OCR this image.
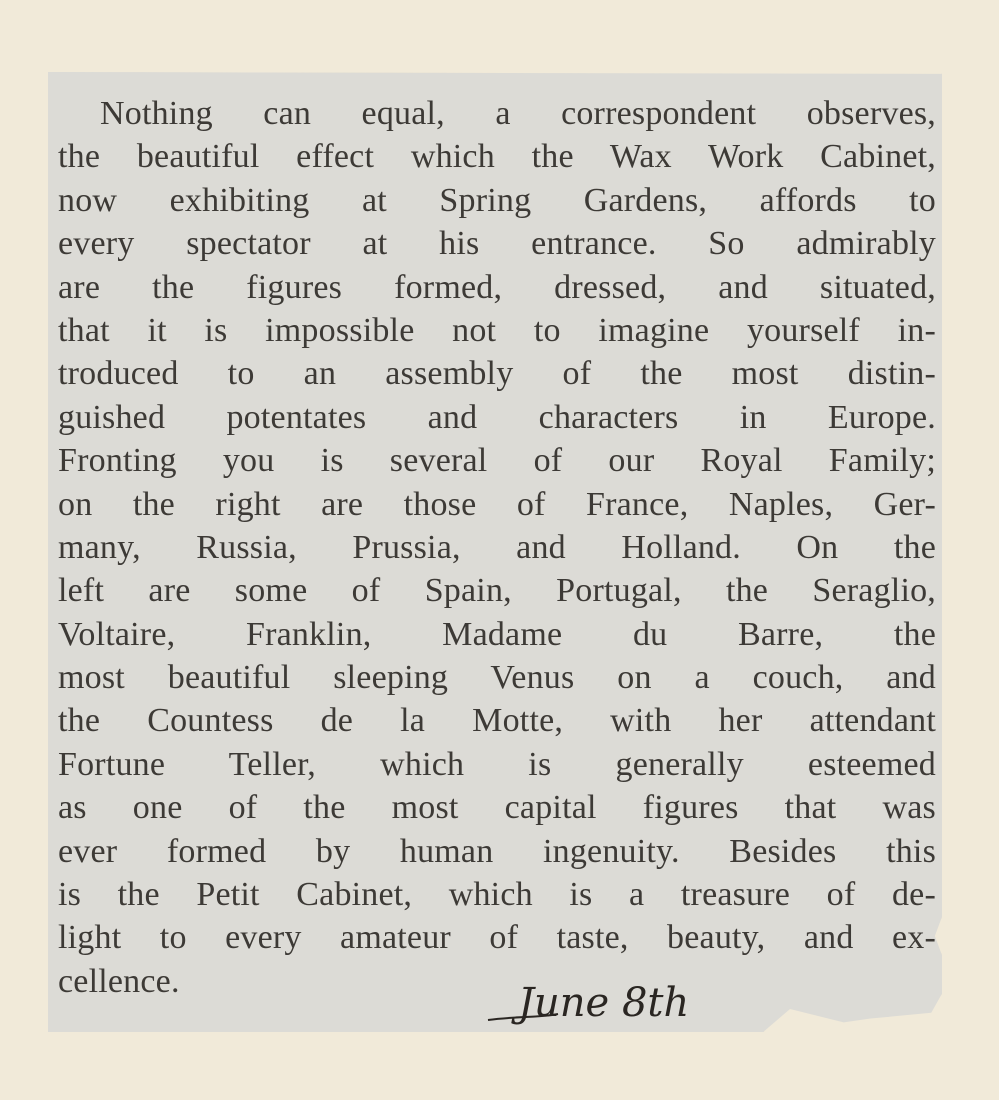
Nothing can equal, a correspondent observes,
the beautiful effect which the Wax Work Cabinet,
now exhibiting at Spring Gardens, affords to
every spectator at his entrance. So admirably
are the figures formed, dressed, and situated,
that it is impossible not to imagine yourself in-
troduced to an assembly of the most distin-
guished potentates and characters in Europe.
Fronting you is several of our Royal Family;
on the right are those of France, Naples, Ger-
many, Russia, Prussia, and Holland. On the
left are some of Spain, Portugal, the Seraglio,
Voltaire, Franklin, Madame du Barre, the
most beautiful sleeping Venus on a couch, and
the Countess de la Motte, with her attendant
Fortune Teller, which is generally esteemed
as one of the most capital figures that was
ever formed by human ingenuity. Besides this
is the Petit Cabinet, which is a treasure of de-
light to every amateur of taste, beauty, and ex-
cellence.	June 8th
